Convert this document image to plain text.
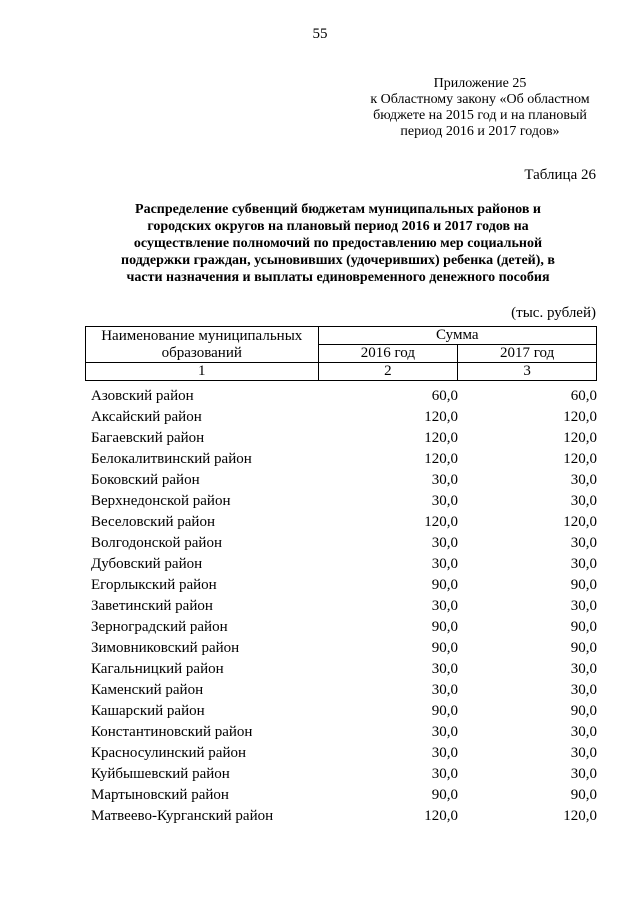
55
Приложение 25
к Областному закону «Об областном
бюджете на 2015 год и на плановый
период 2016 и 2017 годов»
Таблица 26
Распределение субвенций бюджетам муниципальных районов и
городских округов на плановый период 2016 и 2017 годов на
осуществление полномочий по предоставлению мер социальной
поддержки граждан, усыновивших (удочеривших) ребенка (детей), в
части назначения и выплаты единовременного денежного пособия
(тыс. рублей)
Наименование муниципальных образований	Сумма	
	2016 год	2017 год
1	2	3
Азовский район	60,0	60,0
Аксайский район	120,0	120,0
Багаевский район	120,0	120,0
Белокалитвинский район	120,0	120,0
Боковский район	30,0	30,0
Верхнедонской район	30,0	30,0
Веселовский район	120,0	120,0
Волгодонской район	30,0	30,0
Дубовский район	30,0	30,0
Егорлыкский район	90,0	90,0
Заветинский район	30,0	30,0
Зерноградский район	90,0	90,0
Зимовниковский район	90,0	90,0
Кагальницкий район	30,0	30,0
Каменский район	30,0	30,0
Кашарский район	90,0	90,0
Константиновский район	30,0	30,0
Красносулинский район	30,0	30,0
Куйбышевский район	30,0	30,0
Мартыновский район	90,0	90,0
Матвеево-Курганский район	120,0	120,0
